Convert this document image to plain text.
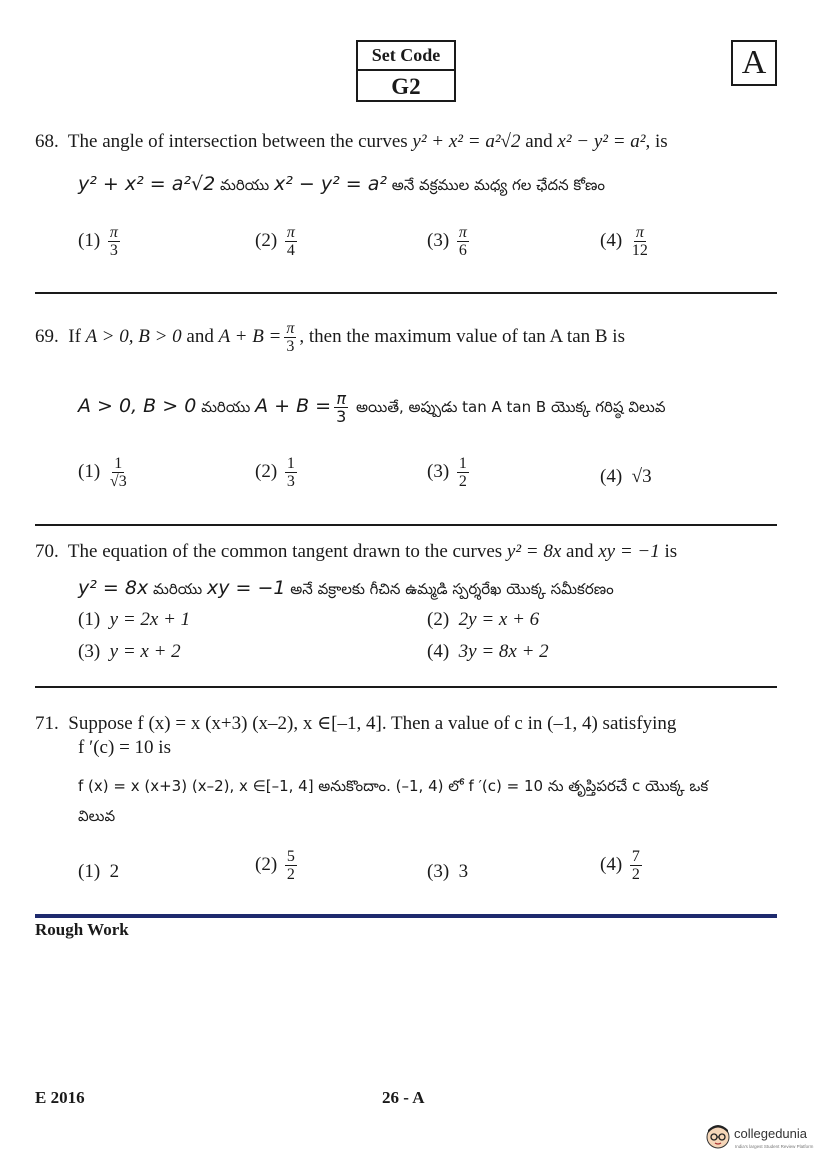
Set Code
G2
A
68. The angle of intersection between the curves y² + x² = a²√2 and x² − y² = a², is
y² + x² = a²√2 మరియు x² − y² = a² అనే వక్రముల మధ్య గల ఛేదన కోణం
$(1) \frac{\pi}{3}$	$(2) \frac{\pi}{4}$	$(3) \frac{\pi}{6}$	$(4) \frac{\pi}{12}$
69. If A > 0, B > 0 and $A + B = \frac{\pi}{3}$ , then the maximum value of tan A tan B is
A > 0, B > 0 మరియు $A + B = \frac{\pi}{3}$ అయితే, అప్పుడు tan A tan B యొక్క గరిష్ఠ విలువ
$(1) \frac{1}{√3}$	$(2) \frac{1}{3}$	$(3) \frac{1}{2}$	(4) √3
70. The equation of the common tangent drawn to the curves y² = 8x and xy = −1 is
y² = 8x మరియు xy = −1 అనే వక్రాలకు గీచిన ఉమ్మడి స్పర్శరేఖ యొక్క సమీకరణం
(1) y = 2x + 1	(2) 2y = x + 6
(3) y = x + 2	(4) 3y = 8x + 2
71. Suppose f (x) = x (x+3) (x–2), x ∈[–1, 4]. Then a value of c in (–1, 4) satisfying
f ′(c) = 10 is
f (x) = x (x+3) (x–2), x ∈[–1, 4] అనుకొందాం. (–1, 4) లో f ′(c) = 10 ను తృప్తిపరచే c యొక్క ఒక
విలువ
(1) 2	$(2) \frac{5}{2}$	(3) 3	$(4) \frac{7}{2}$
Rough Work
E 2016	26 - A
collegedunia
India's largest Student Review Platform
